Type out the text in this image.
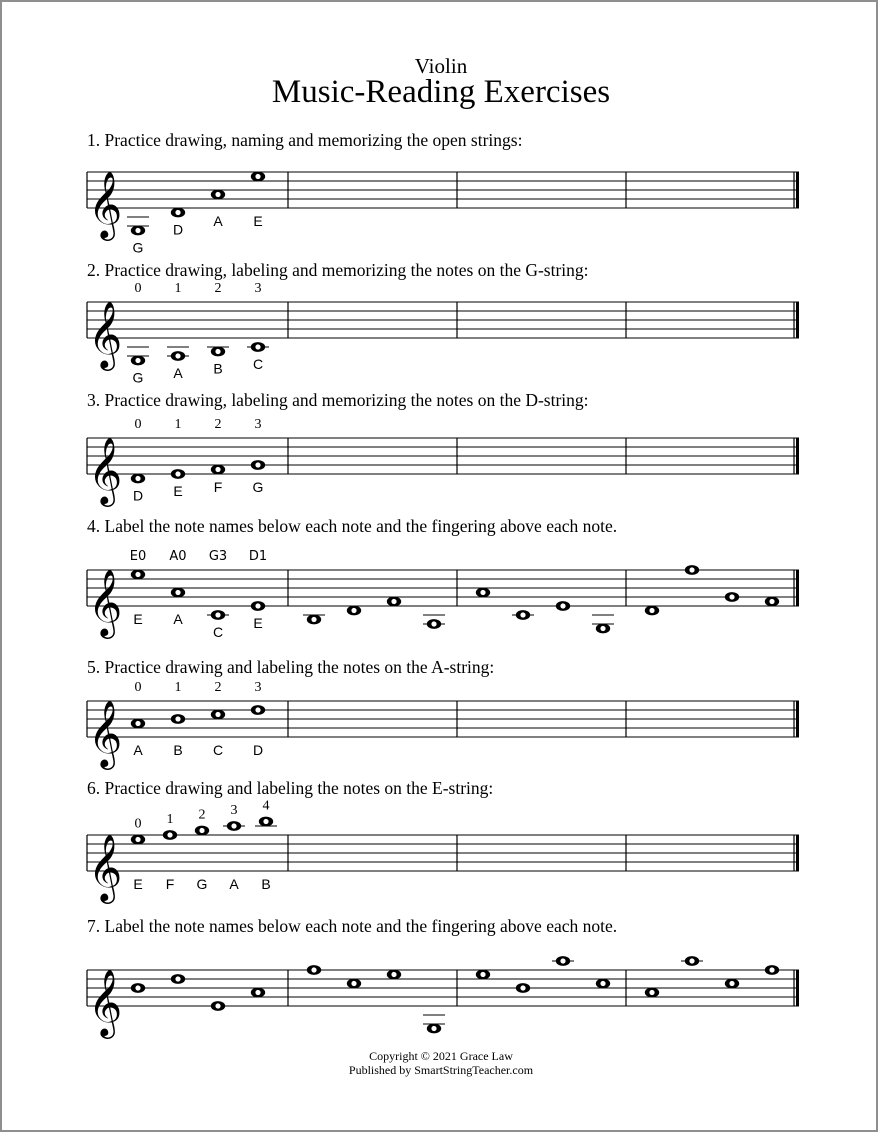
Violin
Music-Reading Exercises
1. Practice drawing, naming and memorizing the open strings:
2. Practice drawing, labeling and memorizing the notes on the G-string:
3. Practice drawing, labeling and memorizing the notes on the D-string:
4. Label the note names below each note and the fingering above each note.
5. Practice drawing and labeling the notes on the A-string:
6. Practice drawing and labeling the notes on the E-string:
7. Label the note names below each note and the fingering above each note.
𝄞
G
D
A E
𝄞
G
0
A
1
B
2
C
3
𝄞 D
0
E
1
F
2
G
3
𝄞 E
E0
A
A0
C
G3
E
D1
𝄞 A
0
B
1
C
2
D
3
𝄞 E
0
F
1
G
2
A
3
B
4
𝄞
Copyright © 2021 Grace Law
Published by SmartStringTeacher.com
